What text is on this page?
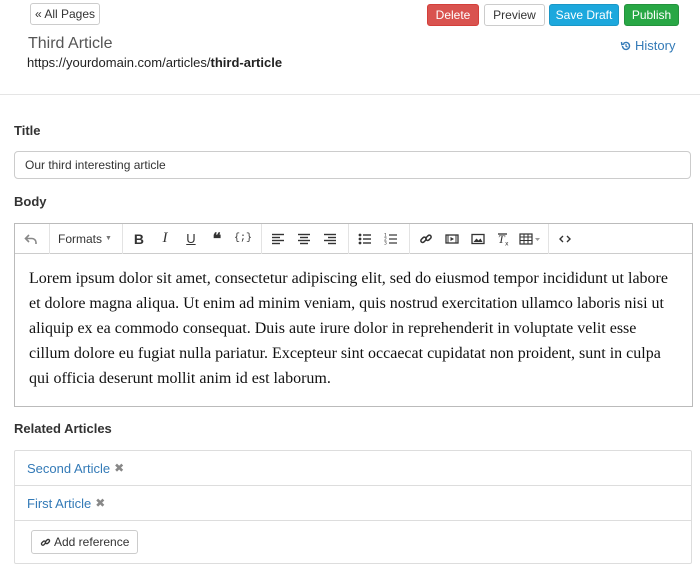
« All Pages	Delete	Preview	Save Draft	Publish
Third Article
https://yourdomain.com/articles/third-article
History
Title
Our third interesting article
Body
Formats ▼	B	I	U	❝	{;}	1
2
3	T x
Lorem ipsum dolor sit amet, consectetur adipiscing elit, sed do eiusmod tempor incididunt ut labore et dolore magna aliqua. Ut enim ad minim veniam, quis nostrud exercitation ullamco laboris nisi ut aliquip ex ea commodo consequat. Duis aute irure dolor in reprehenderit in voluptate velit esse cillum dolore eu fugiat nulla pariatur. Excepteur sint occaecat cupidatat non proident, sunt in culpa qui officia deserunt mollit anim id est laborum.
Related Articles
Second Article ✖
First Article ✖
Add reference
